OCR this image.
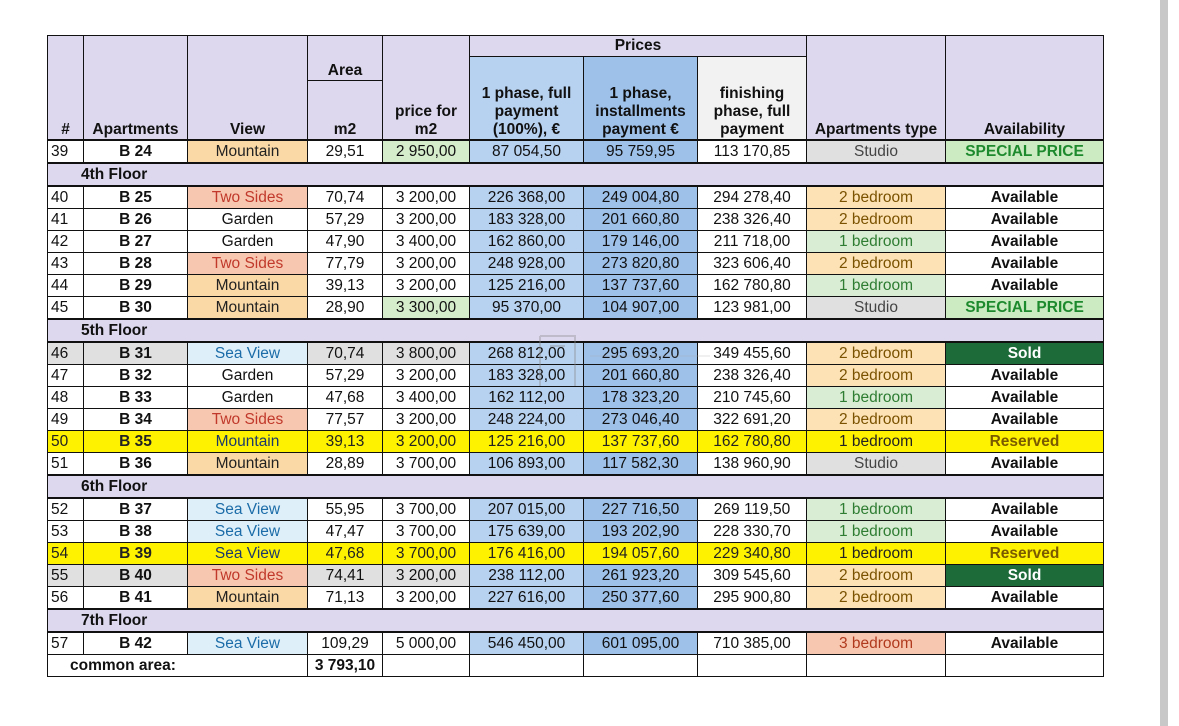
#	Apartments	View	Area	price for m2	Prices			Apartments type	Availability
					1 phase, full payment (100%), €	1 phase, installments payment €	finishing phase, full payment		
			m2						
39	B 24	Mountain	29,51	2 950,00	87 054,50	95 759,95	113 170,85	Studio	SPECIAL PRICE
4th Floor									
40	B 25	Two Sides	70,74	3 200,00	226 368,00	249 004,80	294 278,40	2 bedroom	Available
41	B 26	Garden	57,29	3 200,00	183 328,00	201 660,80	238 326,40	2 bedroom	Available
42	B 27	Garden	47,90	3 400,00	162 860,00	179 146,00	211 718,00	1 bedroom	Available
43	B 28	Two Sides	77,79	3 200,00	248 928,00	273 820,80	323 606,40	2 bedroom	Available
44	B 29	Mountain	39,13	3 200,00	125 216,00	137 737,60	162 780,80	1 bedroom	Available
45	B 30	Mountain	28,90	3 300,00	95 370,00	104 907,00	123 981,00	Studio	SPECIAL PRICE
5th Floor									
46	B 31	Sea View	70,74	3 800,00	268 812,00	295 693,20	349 455,60	2 bedroom	Sold
47	B 32	Garden	57,29	3 200,00	183 328,00	201 660,80	238 326,40	2 bedroom	Available
48	B 33	Garden	47,68	3 400,00	162 112,00	178 323,20	210 745,60	1 bedroom	Available
49	B 34	Two Sides	77,57	3 200,00	248 224,00	273 046,40	322 691,20	2 bedroom	Available
50	B 35	Mountain	39,13	3 200,00	125 216,00	137 737,60	162 780,80	1 bedroom	Reserved
51	B 36	Mountain	28,89	3 700,00	106 893,00	117 582,30	138 960,90	Studio	Available
6th Floor									
52	B 37	Sea View	55,95	3 700,00	207 015,00	227 716,50	269 119,50	1 bedroom	Available
53	B 38	Sea View	47,47	3 700,00	175 639,00	193 202,90	228 330,70	1 bedroom	Available
54	B 39	Sea View	47,68	3 700,00	176 416,00	194 057,60	229 340,80	1 bedroom	Reserved
55	B 40	Two Sides	74,41	3 200,00	238 112,00	261 923,20	309 545,60	2 bedroom	Sold
56	B 41	Mountain	71,13	3 200,00	227 616,00	250 377,60	295 900,80	2 bedroom	Available
7th Floor									
57	B 42	Sea View	109,29	5 000,00	546 450,00	601 095,00	710 385,00	3 bedroom	Available
common area:			3 793,10						
